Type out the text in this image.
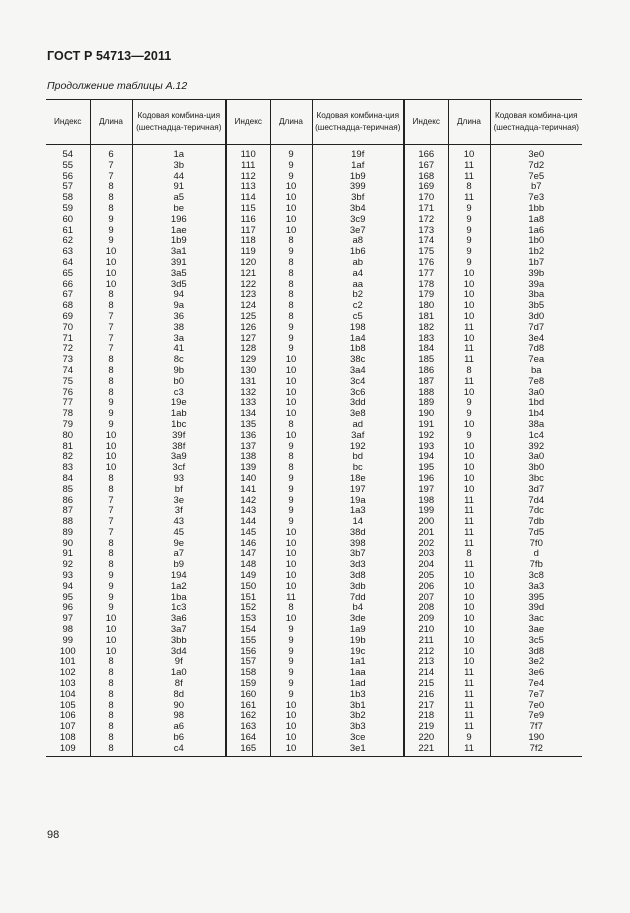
ГОСТ Р 54713—2011
Продолжение таблицы А.12
Индекс	Длина	Кодовая комбина-ция (шестнадца-теричная)	Индекс	Длина	Кодовая комбина-ция (шестнадца-теричная)	Индекс	Длина	Кодовая комбина-ция (шестнадца-теричная)

54	6	1a	110	9	19f	166	10	3e0
55	7	3b	111	9	1af	167	11	7d2
56	7	44	112	9	1b9	168	11	7e5
57	8	91	113	10	399	169	8	b7
58	8	a5	114	10	3bf	170	11	7e3
59	8	be	115	10	3b4	171	9	1bb
60	9	196	116	10	3c9	172	9	1a8
61	9	1ae	117	10	3e7	173	9	1a6
62	9	1b9	118	8	a8	174	9	1b0
63	10	3a1	119	9	1b6	175	9	1b2
64	10	391	120	8	ab	176	9	1b7
65	10	3a5	121	8	a4	177	10	39b
66	10	3d5	122	8	aa	178	10	39a
67	8	94	123	8	b2	179	10	3ba
68	8	9a	124	8	c2	180	10	3b5
69	7	36	125	8	c5	181	10	3d0
70	7	38	126	9	198	182	11	7d7
71	7	3a	127	9	1a4	183	10	3e4
72	7	41	128	9	1b8	184	11	7d8
73	8	8c	129	10	38c	185	11	7ea
74	8	9b	130	10	3a4	186	8	ba
75	8	b0	131	10	3c4	187	11	7e8
76	8	c3	132	10	3c6	188	10	3a0
77	9	19e	133	10	3dd	189	9	1bd
78	9	1ab	134	10	3e8	190	9	1b4
79	9	1bc	135	8	ad	191	10	38a
80	10	39f	136	10	3af	192	9	1c4
81	10	38f	137	9	192	193	10	392
82	10	3a9	138	8	bd	194	10	3a0
83	10	3cf	139	8	bc	195	10	3b0
84	8	93	140	9	18e	196	10	3bc
85	8	bf	141	9	197	197	10	3d7
86	7	3e	142	9	19a	198	11	7d4
87	7	3f	143	9	1a3	199	11	7dc
88	7	43	144	9	14	200	11	7db
89	7	45	145	10	38d	201	11	7d5
90	8	9e	146	10	398	202	11	7f0
91	8	a7	147	10	3b7	203	8	d
92	8	b9	148	10	3d3	204	11	7fb
93	9	194	149	10	3d8	205	10	3c8
94	9	1a2	150	10	3db	206	10	3a3
95	9	1ba	151	11	7dd	207	10	395
96	9	1c3	152	8	b4	208	10	39d
97	10	3a6	153	10	3de	209	10	3ac
98	10	3a7	154	9	1a9	210	10	3ae
99	10	3bb	155	9	19b	211	10	3c5
100	10	3d4	156	9	19c	212	10	3d8
101	8	9f	157	9	1a1	213	10	3e2
102	8	1a0	158	9	1aa	214	11	3e6
103	8	8f	159	9	1ad	215	11	7e4
104	8	8d	160	9	1b3	216	11	7e7
105	8	90	161	10	3b1	217	11	7e0
106	8	98	162	10	3b2	218	11	7e9
107	8	a6	163	10	3b3	219	11	7f7
108	8	b6	164	10	3ce	220	9	190
109	8	c4	165	10	3e1	221	11	7f2
98
